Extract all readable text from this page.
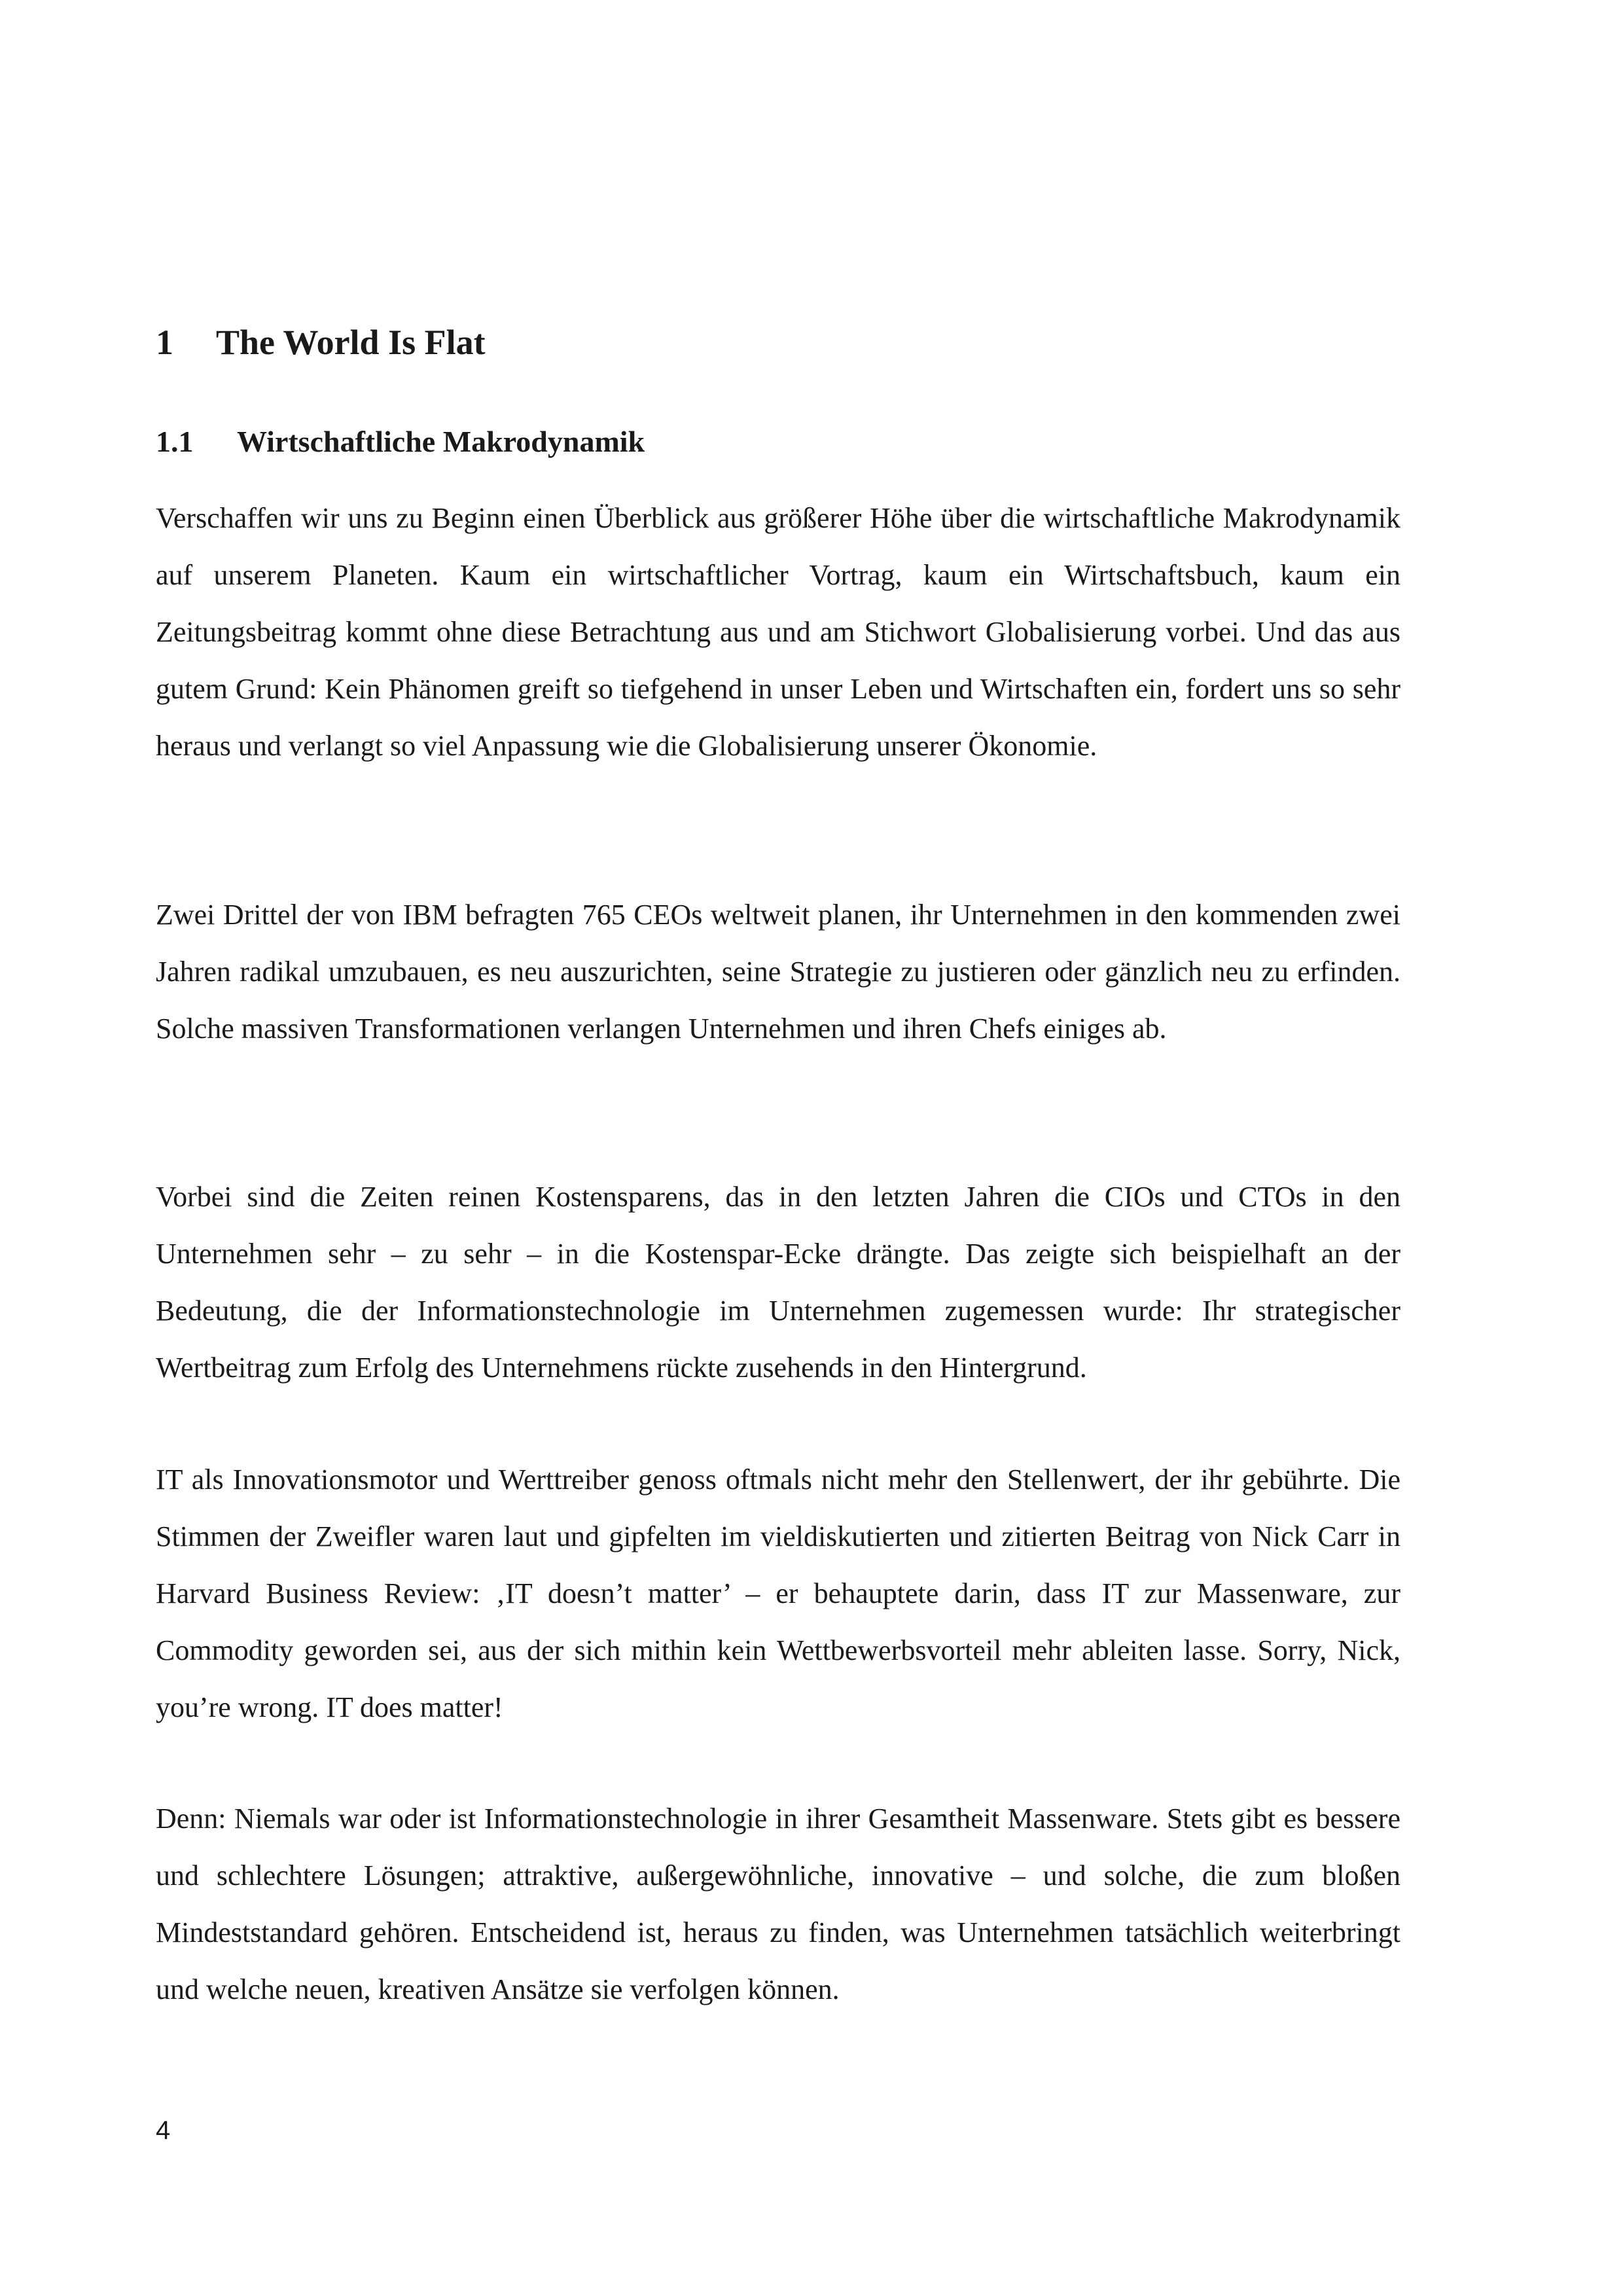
1 The World Is Flat
1.1 Wirtschaftliche Makrodynamik

Verschaffen wir uns zu Beginn einen Überblick aus größerer Höhe über die wirtschaftliche Makrodynamik auf unserem Planeten. Kaum ein wirtschaftlicher Vortrag, kaum ein Wirtschaftsbuch, kaum ein Zeitungsbeitrag kommt ohne diese Betrachtung aus und am Stichwort Globalisierung vorbei. Und das aus gutem Grund: Kein Phänomen greift so tiefgehend in unser Leben und Wirtschaften ein, fordert uns so sehr heraus und verlangt so viel Anpassung wie die Globalisierung unserer Ökonomie.

Zwei Drittel der von IBM befragten 765 CEOs weltweit planen, ihr Unternehmen in den kommenden zwei Jahren radikal umzubauen, es neu auszurichten, seine Strategie zu justieren oder gänzlich neu zu erfinden. Solche massiven Transformationen verlangen Unternehmen und ihren Chefs einiges ab.

Vorbei sind die Zeiten reinen Kostensparens, das in den letzten Jahren die CIOs und CTOs in den Unternehmen sehr – zu sehr – in die Kostenspar-Ecke drängte. Das zeigte sich beispielhaft an der Bedeutung, die der Informationstechnologie im Unternehmen zugemessen wurde: Ihr strategischer Wertbeitrag zum Erfolg des Unternehmens rückte zusehends in den Hintergrund.

IT als Innovationsmotor und Werttreiber genoss oftmals nicht mehr den Stellenwert, der ihr gebührte. Die Stimmen der Zweifler waren laut und gipfelten im vieldiskutierten und zitierten Beitrag von Nick Carr in Harvard Business Review: ‚IT doesn’t matter’ – er behauptete darin, dass IT zur Massenware, zur Commodity geworden sei, aus der sich mithin kein Wettbewerbsvorteil mehr ableiten lasse. Sorry, Nick, you’re wrong. IT does matter!

Denn: Niemals war oder ist Informationstechnologie in ihrer Gesamtheit Massenware. Stets gibt es bessere und schlechtere Lösungen; attraktive, außergewöhnliche, innovative – und solche, die zum bloßen Mindeststandard gehören. Entscheidend ist, heraus zu finden, was Unternehmen tatsächlich weiterbringt und welche neuen, kreativen Ansätze sie verfolgen können.

4
